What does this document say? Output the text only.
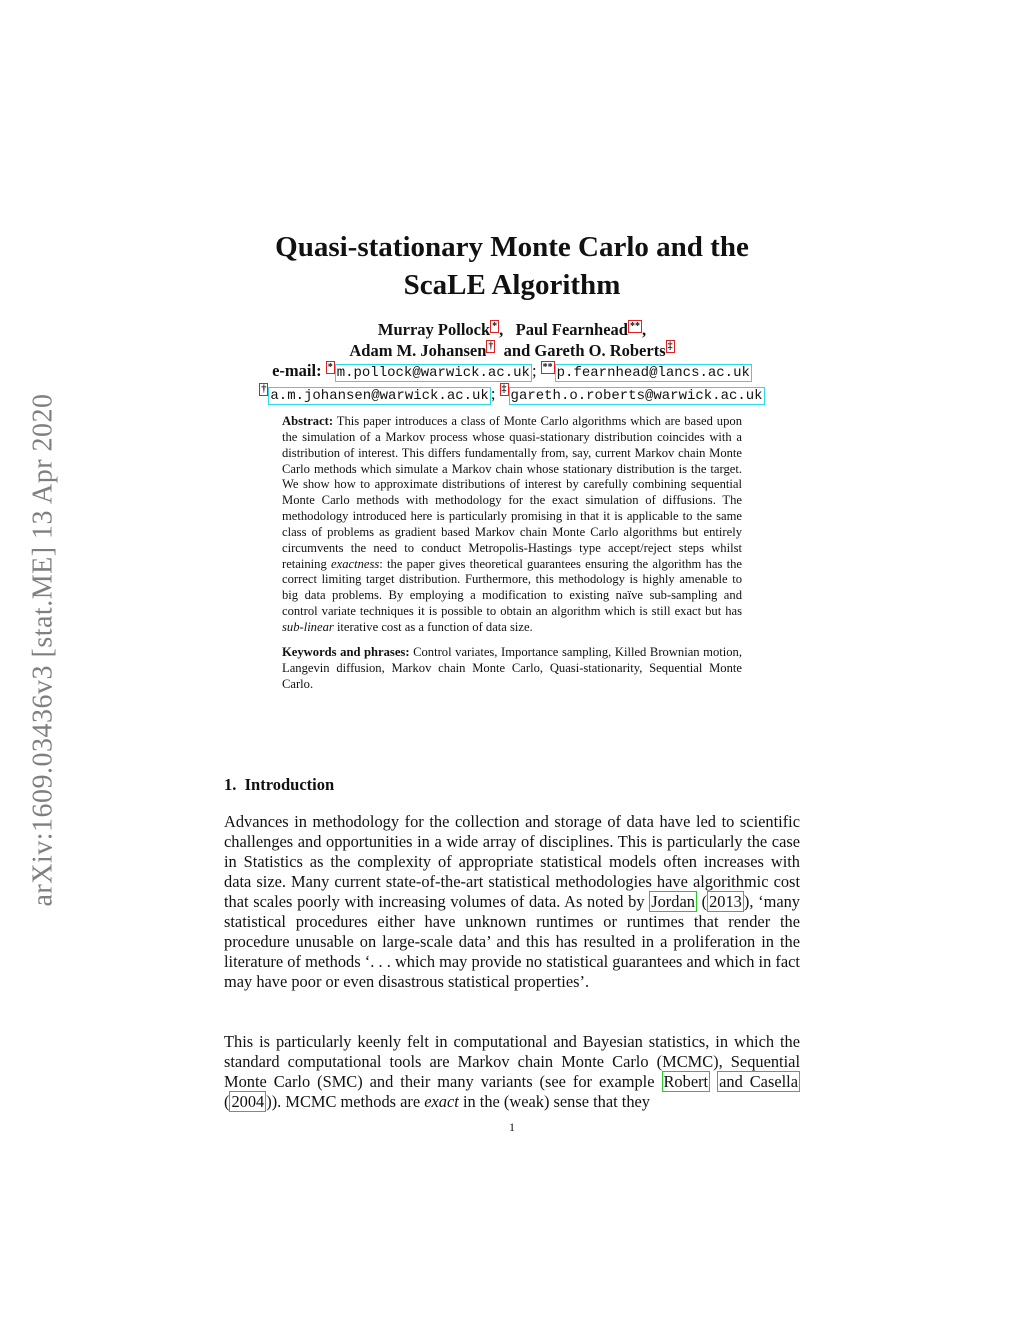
arXiv:1609.03436v3 [stat.ME] 13 Apr 2020
Quasi-stationary Monte Carlo and the
ScaLE Algorithm
Murray Pollock * ,   Paul Fearnhead ** ,
Adam M. Johansen † and Gareth O. Roberts ‡
e-mail: * m.pollock@warwick.ac.uk ; ** p.fearnhead@lancs.ac.uk
† a.m.johansen@warwick.ac.uk ; ‡ gareth.o.roberts@warwick.ac.uk

Abstract: This paper introduces a class of Monte Carlo algorithms which are based upon the simulation of a Markov process whose quasi-stationary distribution coincides with a distribution of interest. This differs fundamentally from, say, current Markov chain Monte Carlo methods which simulate a Markov chain whose stationary distribution is the target. We show how to approximate distributions of interest by carefully combining sequential Monte Carlo methods with methodology for the exact simulation of diffusions. The methodology introduced here is particularly promising in that it is applicable to the same class of problems as gradient based Markov chain Monte Carlo algorithms but entirely circumvents the need to conduct Metropolis-Hastings type accept/reject steps whilst retaining exactness: the paper gives theoretical guarantees ensuring the algorithm has the correct limiting target distribution. Furthermore, this methodology is highly amenable to big data problems. By employing a modification to existing naïve sub-sampling and control variate techniques it is possible to obtain an algorithm which is still exact but has sub-linear iterative cost as a function of data size.

Keywords and phrases: Control variates, Importance sampling, Killed Brownian motion, Langevin diffusion, Markov chain Monte Carlo, Quasi-stationarity, Sequential Monte Carlo.

1. Introduction

Advances in methodology for the collection and storage of data have led to scientific challenges and opportunities in a wide array of disciplines. This is particularly the case in Statistics as the complexity of appropriate statistical models often increases with data size. Many current state-of-the-art statistical methodologies have algorithmic cost that scales poorly with increasing volumes of data. As noted by Jordan ( 2013 ), ‘many statistical procedures either have unknown runtimes or runtimes that render the procedure unusable on large-scale data’ and this has resulted in a proliferation in the literature of methods ‘. . . which may provide no statistical guarantees and which in fact may have poor or even disastrous statistical properties’.

This is particularly keenly felt in computational and Bayesian statistics, in which the standard computational tools are Markov chain Monte Carlo (MCMC), Sequential Monte Carlo (SMC) and their many variants (see for example Robert and Casella ( 2004 )). MCMC methods are exact in the (weak) sense that they

1
